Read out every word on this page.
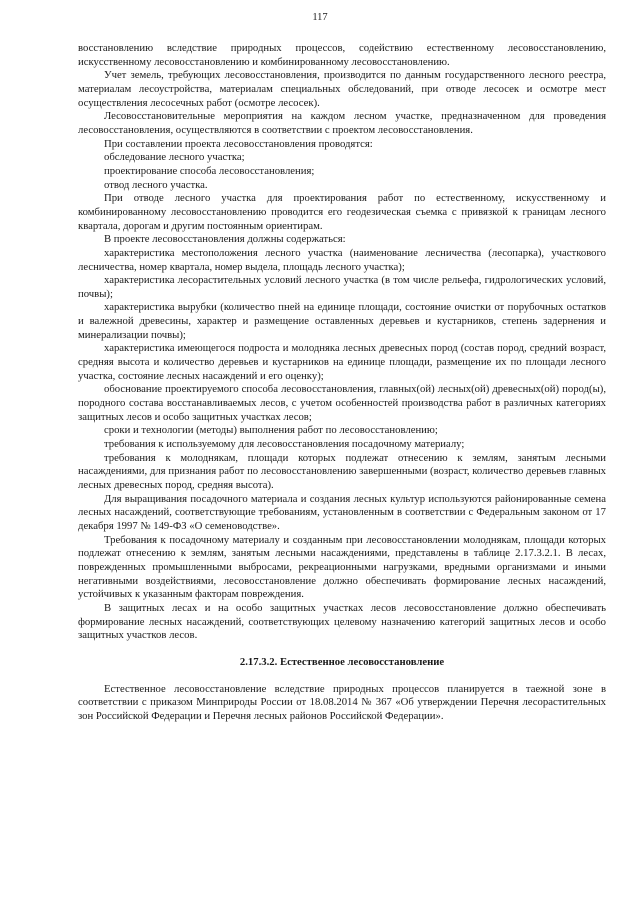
117

восстановлению вследствие природных процессов, содействию естественному лесовосстановлению, искусственному лесовосстановлению и комбинированному лесовосстановлению.

Учет земель, требующих лесовосстановления, производится по данным государственного лесного реестра, материалам лесоустройства, материалам специальных обследований, при отводе лесосек и осмотре мест осуществления лесосечных работ (осмотре лесосек).

Лесовосстановительные мероприятия на каждом лесном участке, предназначенном для проведения лесовосстановления, осуществляются в соответствии с проектом лесовосстановления.

При составлении проекта лесовосстановления проводятся:

обследование лесного участка;

проектирование способа лесовосстановления;

отвод лесного участка.

При отводе лесного участка для проектирования работ по естественному, искусственному и комбинированному лесовосстановлению проводится его геодезическая съемка с привязкой к границам лесного квартала, дорогам и другим постоянным ориентирам.

В проекте лесовосстановления должны содержаться:

характеристика местоположения лесного участка (наименование лесничества (лесопарка), участкового лесничества, номер квартала, номер выдела, площадь лесного участка);

характеристика лесорастительных условий лесного участка (в том числе рельефа, гидрологических условий, почвы);

характеристика вырубки (количество пней на единице площади, состояние очистки от порубочных остатков и валежной древесины, характер и размещение оставленных деревьев и кустарников, степень задернения и минерализации почвы);

характеристика имеющегося подроста и молодняка лесных древесных пород (состав пород, средний возраст, средняя высота и количество деревьев и кустарников на единице площади, размещение их по площади лесного участка, состояние лесных насаждений и его оценку);

обоснование проектируемого способа лесовосстановления, главных(ой) лесных(ой) древесных(ой) пород(ы), породного состава восстанавливаемых лесов, с учетом особенностей производства работ в различных категориях защитных лесов и особо защитных участках лесов;

сроки и технологии (методы) выполнения работ по лесовосстановлению;

требования к используемому для лесовосстановления посадочному материалу;

требования к молоднякам, площади которых подлежат отнесению к землям, занятым лесными насаждениями, для признания работ по лесовосстановлению завершенными (возраст, количество деревьев главных лесных древесных пород, средняя высота).

Для выращивания посадочного материала и создания лесных культур используются районированные семена лесных насаждений, соответствующие требованиям, установленным в соответствии с Федеральным законом от 17 декабря 1997 № 149-ФЗ «О семеноводстве».

Требования к посадочному материалу и созданным при лесовосстановлении молоднякам, площади которых подлежат отнесению к землям, занятым лесными насаждениями, представлены в таблице 2.17.3.2.1. В лесах, поврежденных промышленными выбросами, рекреационными нагрузками, вредными организмами и иными негативными воздействиями, лесовосстановление должно обеспечивать формирование лесных насаждений, устойчивых к указанным факторам повреждения.

В защитных лесах и на особо защитных участках лесов лесовосстановление должно обеспечивать формирование лесных насаждений, соответствующих целевому назначению категорий защитных лесов и особо защитных участков лесов.

2.17.3.2. Естественное лесовосстановление

Естественное лесовосстановление вследствие природных процессов планируется в таежной зоне в соответствии с приказом Минприроды России от 18.08.2014 № 367 «Об утверждении Перечня лесорастительных зон Российской Федерации и Перечня лесных районов Российской Федерации».
